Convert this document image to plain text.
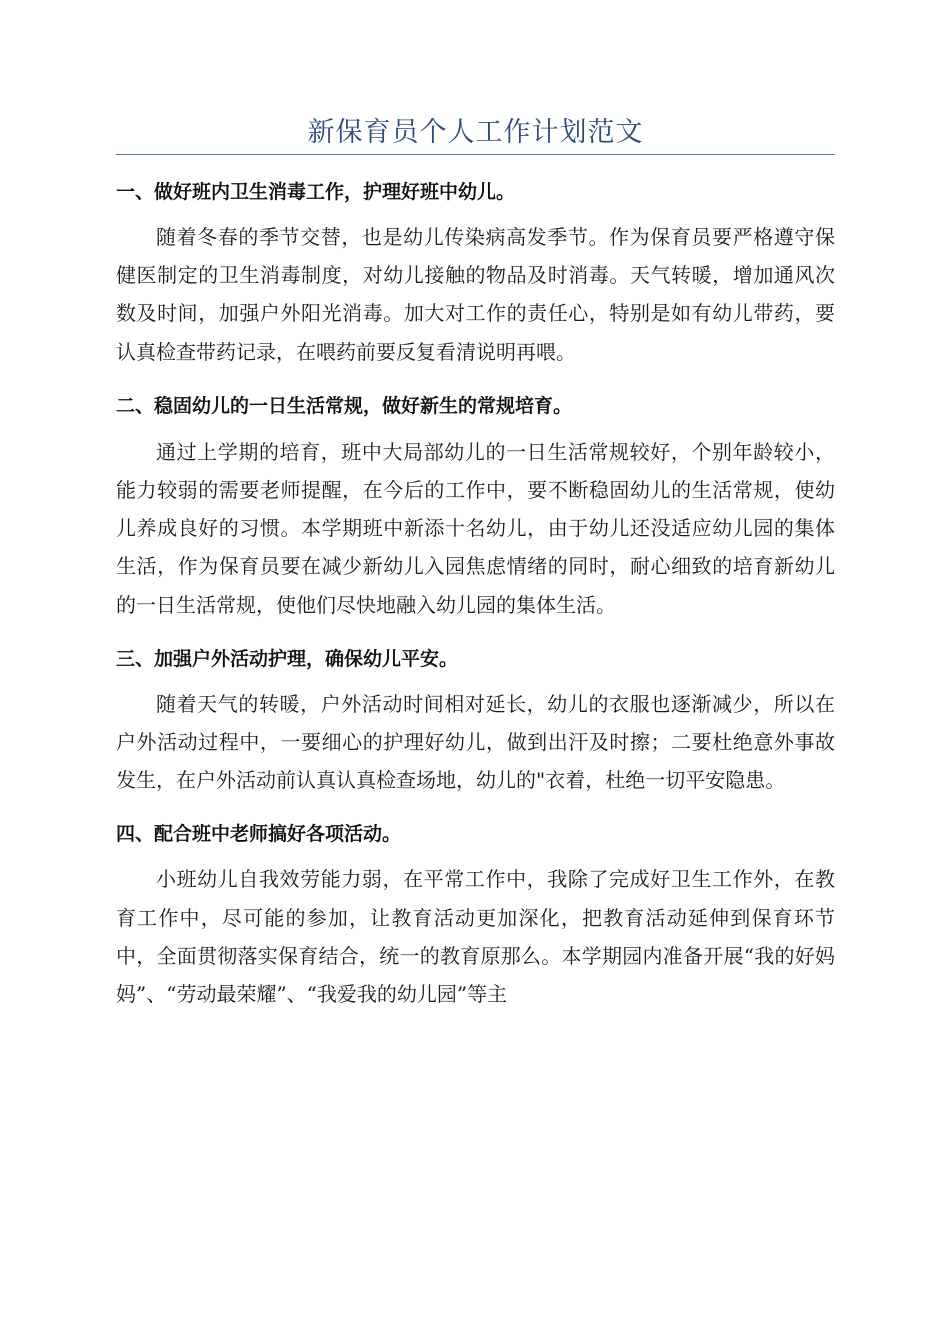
新保育员个人工作计划范文
一、做好班内卫生消毒工作，护理好班中幼儿。
随着冬春的季节交替，也是幼儿传染病高发季节。作为保育员要严格遵守保健医制定的卫生消毒制度，对幼儿接触的物品及时消毒。天气转暖，增加通风次数及时间，加强户外阳光消毒。加大对工作的责任心，特别是如有幼儿带药，要认真检查带药记录，在喂药前要反复看清说明再喂。
二、稳固幼儿的一日生活常规，做好新生的常规培育。
通过上学期的培育，班中大局部幼儿的一日生活常规较好，个别年龄较小，能力较弱的需要老师提醒，在今后的工作中，要不断稳固幼儿的生活常规，使幼儿养成良好的习惯。本学期班中新添十名幼儿，由于幼儿还没适应幼儿园的集体生活，作为保育员要在减少新幼儿入园焦虑情绪的同时，耐心细致的培育新幼儿的一日生活常规，使他们尽快地融入幼儿园的集体生活。
三、加强户外活动护理，确保幼儿平安。
随着天气的转暖，户外活动时间相对延长，幼儿的衣服也逐渐减少，所以在户外活动过程中，一要细心的护理好幼儿，做到出汗及时擦；二要杜绝意外事故发生，在户外活动前认真认真检查场地，幼儿的"衣着，杜绝一切平安隐患。
四、配合班中老师搞好各项活动。
小班幼儿自我效劳能力弱，在平常工作中，我除了完成好卫生工作外，在教育工作中，尽可能的参加，让教育活动更加深化，把教育活动延伸到保育环节中，全面贯彻落实保育结合，统一的教育原那么。本学期园内准备开展“我的好妈妈”、“劳动最荣耀”、“我爱我的幼儿园”等主
